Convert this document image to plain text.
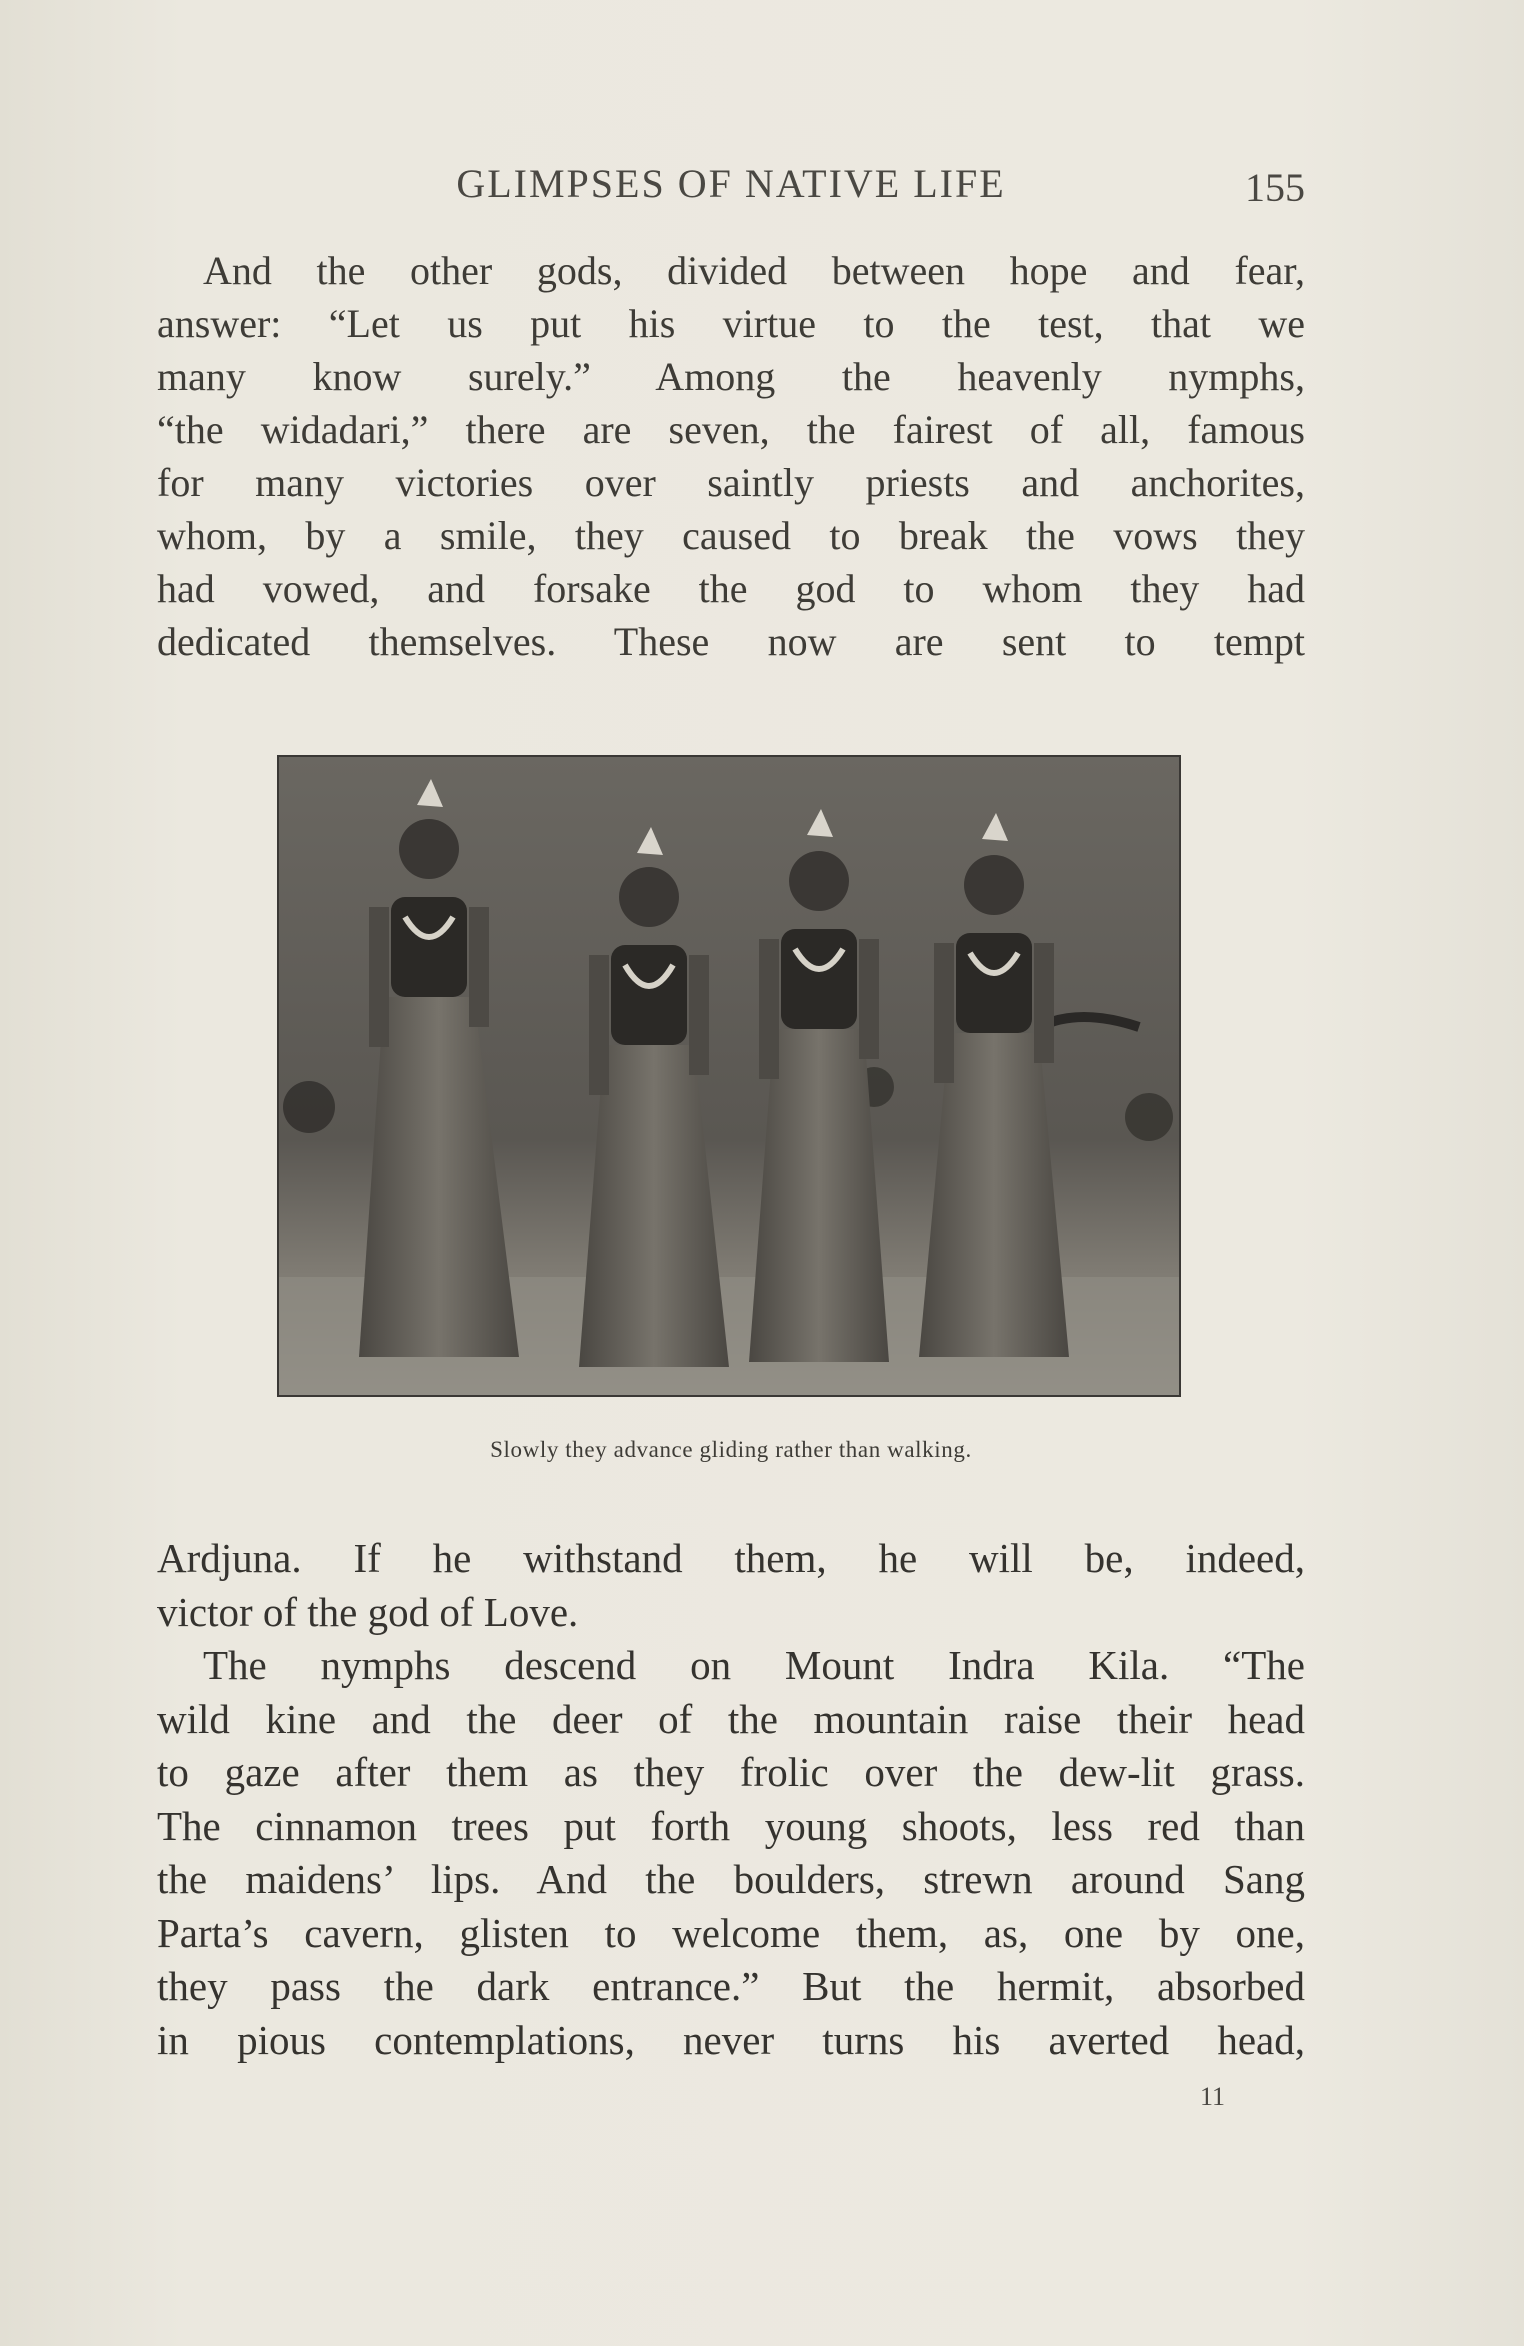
GLIMPSES OF NATIVE LIFE	155

And the other gods, divided between hope and fear,

answer: “Let us put his virtue to the test, that we

many know surely.” Among the heavenly nymphs,

“the widadari,” there are seven, the fairest of all, famous

for many victories over saintly priests and anchorites,

whom, by a smile, they caused to break the vows they

had vowed, and forsake the god to whom they had

dedicated themselves. These now are sent to tempt

Slowly they advance gliding rather than walking.

Ardjuna. If he withstand them, he will be, indeed,

victor of the god of Love.

The nymphs descend on Mount Indra Kila. “The

wild kine and the deer of the mountain raise their head

to gaze after them as they frolic over the dew-lit grass.

The cinnamon trees put forth young shoots, less red than

the maidens’ lips. And the boulders, strewn around Sang

Parta’s cavern, glisten to welcome them, as, one by one,

they pass the dark entrance.” But the hermit, absorbed

in pious contemplations, never turns his averted head,

11
